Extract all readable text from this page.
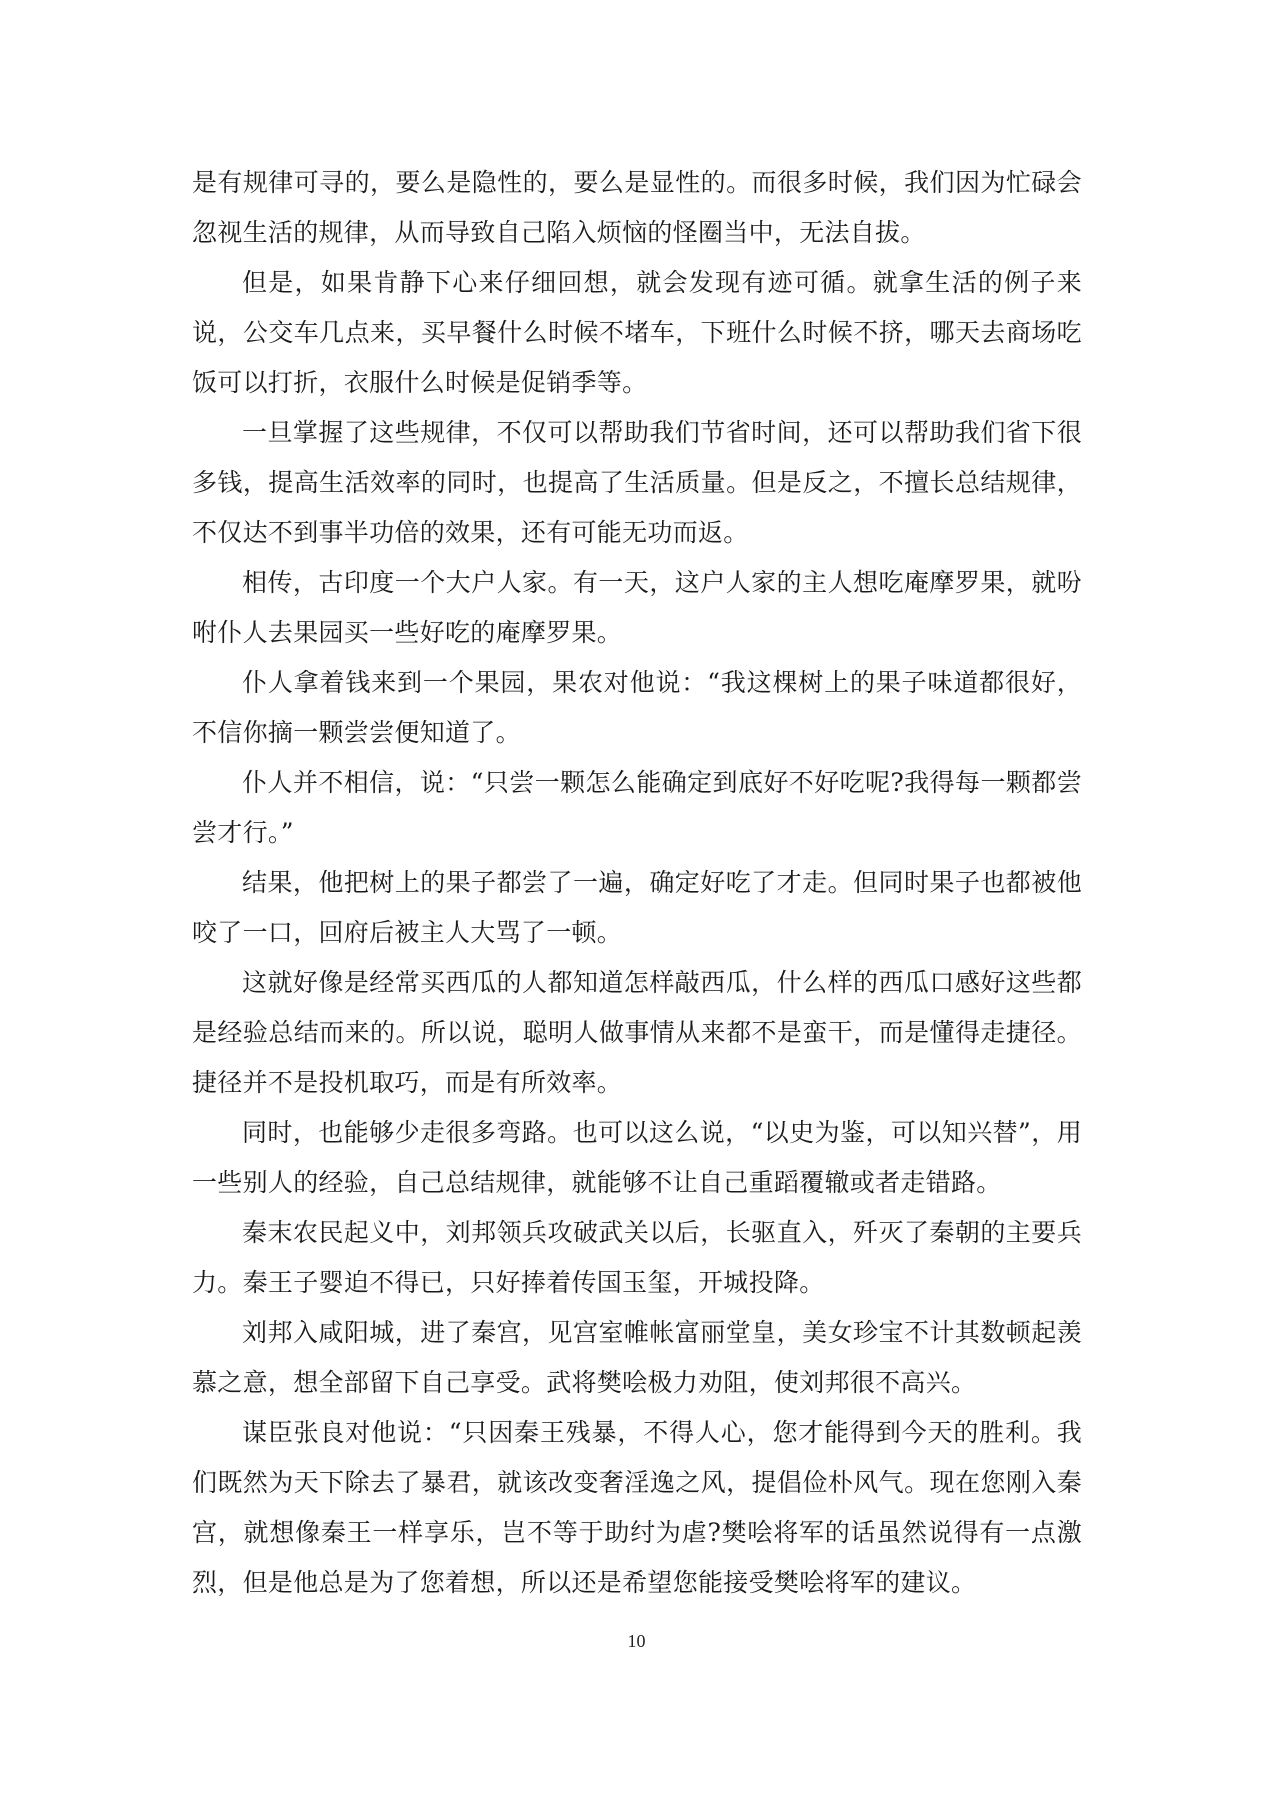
是有规律可寻的，要么是隐性的，要么是显性的。而很多时候，我们因为忙碌会忽视生活的规律，从而导致自己陷入烦恼的怪圈当中，无法自拔。

但是，如果肯静下心来仔细回想，就会发现有迹可循。就拿生活的例子来说，公交车几点来，买早餐什么时候不堵车，下班什么时候不挤，哪天去商场吃饭可以打折，衣服什么时候是促销季等。

一旦掌握了这些规律，不仅可以帮助我们节省时间，还可以帮助我们省下很多钱，提高生活效率的同时，也提高了生活质量。但是反之，不擅长总结规律，不仅达不到事半功倍的效果，还有可能无功而返。

相传，古印度一个大户人家。有一天，这户人家的主人想吃庵摩罗果，就吩咐仆人去果园买一些好吃的庵摩罗果。

仆人拿着钱来到一个果园，果农对他说：“我这棵树上的果子味道都很好，不信你摘一颗尝尝便知道了。

仆人并不相信，说：“只尝一颗怎么能确定到底好不好吃呢?我得每一颗都尝尝才行。”

结果，他把树上的果子都尝了一遍，确定好吃了才走。但同时果子也都被他咬了一口，回府后被主人大骂了一顿。

这就好像是经常买西瓜的人都知道怎样敲西瓜，什么样的西瓜口感好这些都是经验总结而来的。所以说，聪明人做事情从来都不是蛮干，而是懂得走捷径。捷径并不是投机取巧，而是有所效率。

同时，也能够少走很多弯路。也可以这么说，“以史为鉴，可以知兴替”，用一些别人的经验，自己总结规律，就能够不让自己重蹈覆辙或者走错路。

秦末农民起义中，刘邦领兵攻破武关以后，长驱直入，歼灭了秦朝的主要兵力。秦王子婴迫不得已，只好捧着传国玉玺，开城投降。

刘邦入咸阳城，进了秦宫，见宫室帷帐富丽堂皇，美女珍宝不计其数顿起羡慕之意，想全部留下自己享受。武将樊哙极力劝阻，使刘邦很不高兴。

谋臣张良对他说：“只因秦王残暴，不得人心，您才能得到今天的胜利。我们既然为天下除去了暴君，就该改变奢淫逸之风，提倡俭朴风气。现在您刚入秦宫，就想像秦王一样享乐，岂不等于助纣为虐?樊哙将军的话虽然说得有一点激烈，但是他总是为了您着想，所以还是希望您能接受樊哙将军的建议。

10
